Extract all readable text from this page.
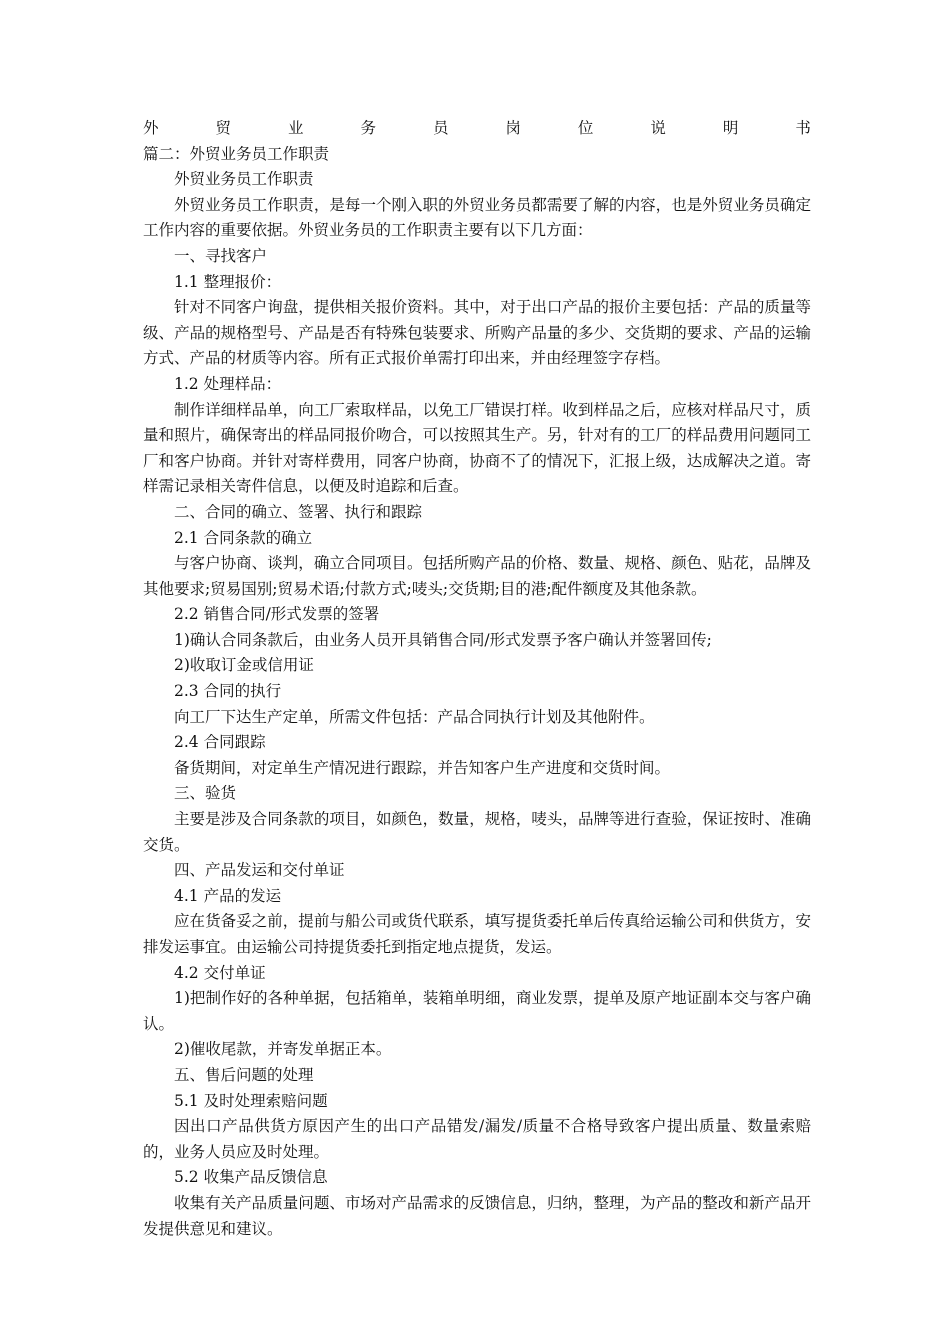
外	贸	业	务	员	岗	位	说	明	书

篇二：外贸业务员工作职责

外贸业务员工作职责

外贸业务员工作职责，是每一个刚入职的外贸业务员都需要了解的内容，也是外贸业务员确定工作内容的重要依据。外贸业务员的工作职责主要有以下几方面：

一、寻找客户

1.1 整理报价：

针对不同客户询盘，提供相关报价资料。其中，对于出口产品的报价主要包括：产品的质量等级、产品的规格型号、产品是否有特殊包装要求、所购产品量的多少、交货期的要求、产品的运输方式、产品的材质等内容。所有正式报价单需打印出来，并由经理签字存档。

1.2 处理样品：

制作详细样品单，向工厂索取样品，以免工厂错误打样。收到样品之后，应核对样品尺寸，质量和照片，确保寄出的样品同报价吻合，可以按照其生产。另，针对有的工厂的样品费用问题同工厂和客户协商。并针对寄样费用，同客户协商，协商不了的情况下，汇报上级，达成解决之道。寄样需记录相关寄件信息，以便及时追踪和后查。

二、合同的确立、签署、执行和跟踪

2.1 合同条款的确立

与客户协商、谈判，确立合同项目。包括所购产品的价格、数量、规格、颜色、贴花，品牌及其他要求;贸易国别;贸易术语;付款方式;唛头;交货期;目的港;配件额度及其他条款。

2.2 销售合同/形式发票的签署

1)确认合同条款后，由业务人员开具销售合同/形式发票予客户确认并签署回传;

2)收取订金或信用证

2.3 合同的执行

向工厂下达生产定单，所需文件包括：产品合同执行计划及其他附件。

2.4 合同跟踪

备货期间，对定单生产情况进行跟踪，并告知客户生产进度和交货时间。

三、验货

主要是涉及合同条款的项目，如颜色，数量，规格，唛头，品牌等进行查验，保证按时、准确交货。

四、产品发运和交付单证

4.1 产品的发运

应在货备妥之前，提前与船公司或货代联系，填写提货委托单后传真给运输公司和供货方，安排发运事宜。由运输公司持提货委托到指定地点提货，发运。

4.2 交付单证

1)把制作好的各种单据，包括箱单，装箱单明细，商业发票，提单及原产地证副本交与客户确认。

2)催收尾款，并寄发单据正本。

五、售后问题的处理

5.1 及时处理索赔问题

因出口产品供货方原因产生的出口产品错发/漏发/质量不合格导致客户提出质量、数量索赔的，业务人员应及时处理。

5.2 收集产品反馈信息

收集有关产品质量问题、市场对产品需求的反馈信息，归纳，整理，为产品的整改和新产品开发提供意见和建议。
